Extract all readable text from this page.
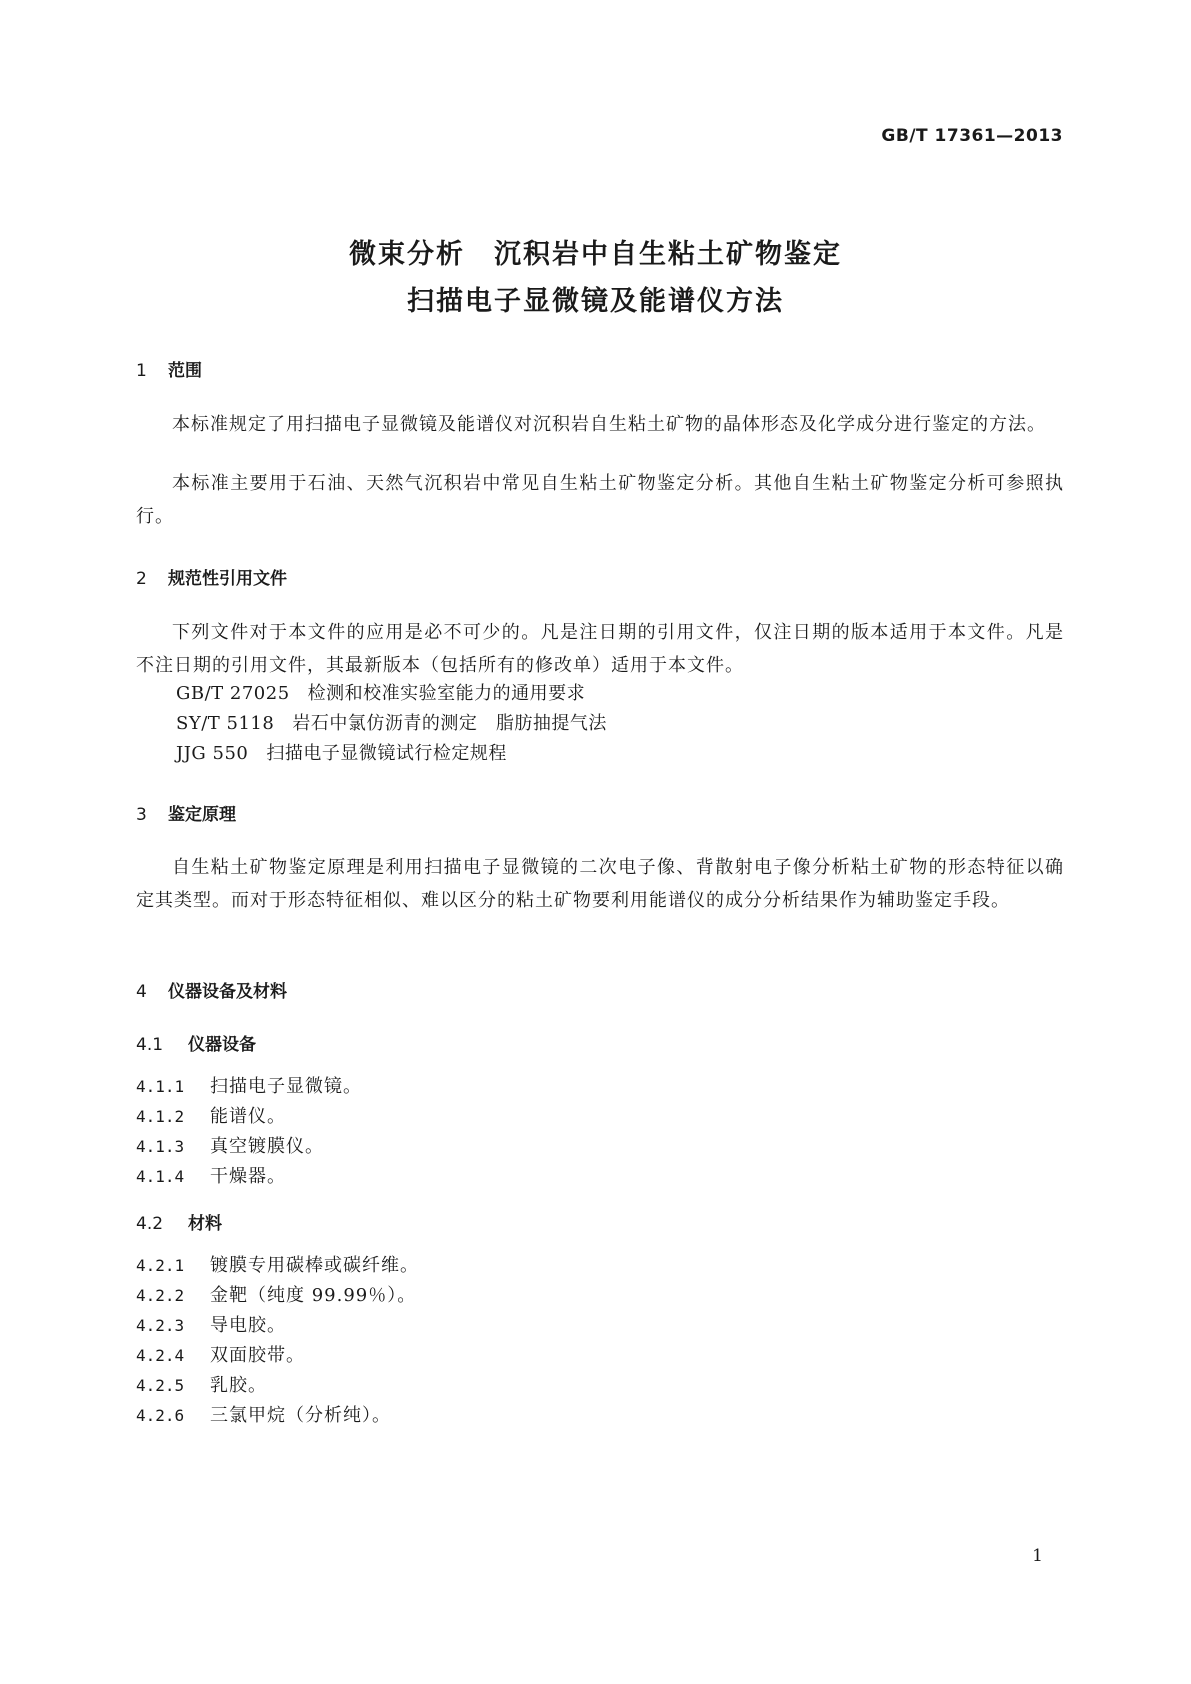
GB/T 17361—2013
微束分析　沉积岩中自生粘土矿物鉴定
扫描电子显微镜及能谱仪方法
1 范围
本标准规定了用扫描电子显微镜及能谱仪对沉积岩自生粘土矿物的晶体形态及化学成分进行鉴定的方法。
本标准主要用于石油、天然气沉积岩中常见自生粘土矿物鉴定分析。其他自生粘土矿物鉴定分析可参照执行。
2 规范性引用文件
下列文件对于本文件的应用是必不可少的。凡是注日期的引用文件，仅注日期的版本适用于本文件。凡是不注日期的引用文件，其最新版本（包括所有的修改单）适用于本文件。
GB/T 27025 检测和校准实验室能力的通用要求
SY/T 5118 岩石中氯仿沥青的测定　脂肪抽提气法
JJG 550 扫描电子显微镜试行检定规程
3 鉴定原理
自生粘土矿物鉴定原理是利用扫描电子显微镜的二次电子像、背散射电子像分析粘土矿物的形态特征以确定其类型。而对于形态特征相似、难以区分的粘土矿物要利用能谱仪的成分分析结果作为辅助鉴定手段。
4 仪器设备及材料
4.1 仪器设备
4.1.1 扫描电子显微镜。
4.1.2 能谱仪。
4.1.3 真空镀膜仪。
4.1.4 干燥器。
4.2 材料
4.2.1 镀膜专用碳棒或碳纤维。
4.2.2 金靶（纯度 99.99％）。
4.2.3 导电胶。
4.2.4 双面胶带。
4.2.5 乳胶。
4.2.6 三氯甲烷（分析纯）。
1
